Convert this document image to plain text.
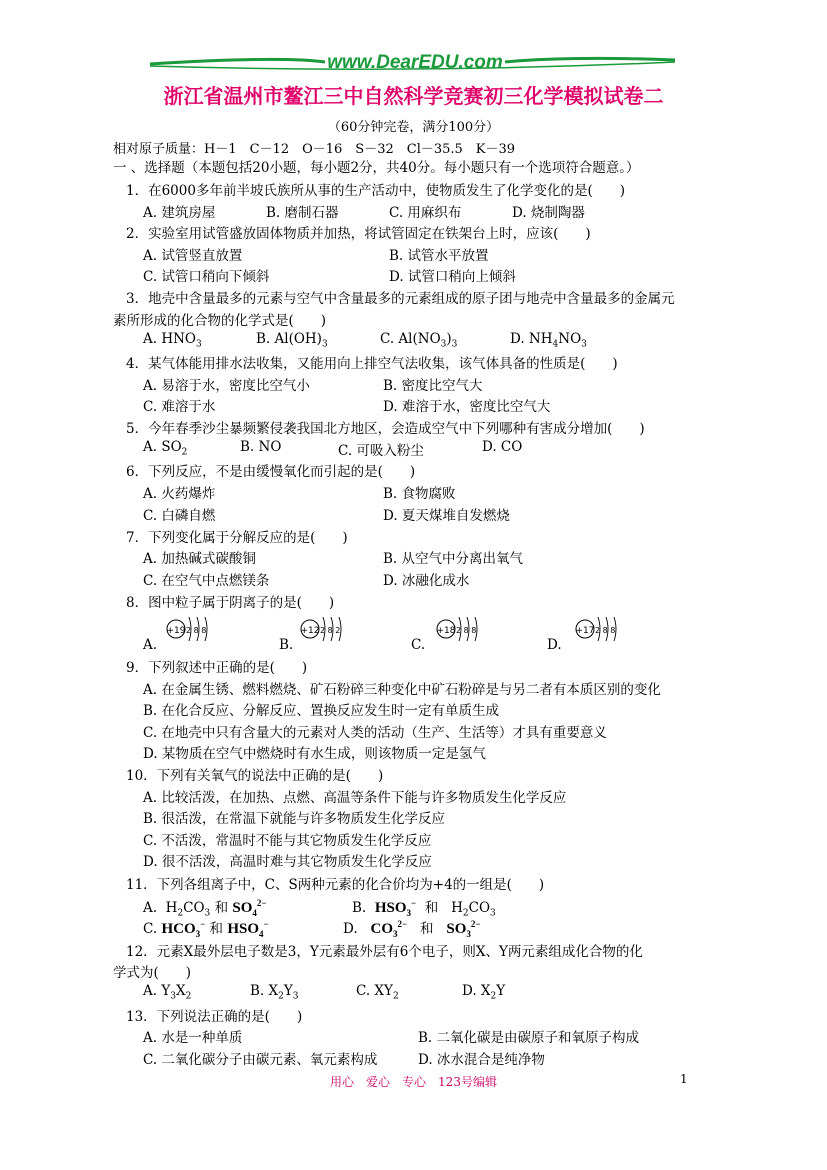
www.DearEDU.com
浙江省温州市鳌江三中自然科学竞赛初三化学模拟试卷二
（60分钟完卷，满分100分）
相对原子质量：H－1　C－12　O－16　S－32　Cl－35.5　K－39
一 、选择题（本题包括20小题，每小题2分，共40分。每小题只有一个选项符合题意。）
1．在6000多年前半坡氏族所从事的生产活动中，使物质发生了化学变化的是(　　)
A. 建筑房屋	B. 磨制石器	C. 用麻织布	D. 烧制陶器
2．实验室用试管盛放固体物质并加热，将试管固定在铁架台上时，应该(　　)
A. 试管竖直放置	B. 试管水平放置
C. 试管口稍向下倾斜	D. 试管口稍向上倾斜
3．地壳中含量最多的元素与空气中含量最多的元素组成的原子团与地壳中含量最多的金属元
素所形成的化合物的化学式是(　　)
A. $HNO_3$	B. $Al(OH)_3$	C. $Al(NO_3)_3$	D. $NH_4NO_3$
4．某气体能用排水法收集，又能用向上排空气法收集，该气体具备的性质是(　　)
A. 易溶于水，密度比空气小	B. 密度比空气大
C. 难溶于水	D. 难溶于水，密度比空气大
5．今年春季沙尘暴频繁侵袭我国北方地区，会造成空气中下列哪种有害成分增加(　　)
A. $SO_2$	B. NO	C. 可吸入粉尘	D. CO
6．下列反应，不是由缓慢氧化而引起的是(　　)
A. 火药爆炸	B. 食物腐败
C. 白磷自燃	D. 夏天煤堆自发燃烧
7．下列变化属于分解反应的是(　　)
A. 加热碱式碳酸铜	B. 从空气中分离出氧气
C. 在空气中点燃镁条	D. 冰融化成水
8．图中粒子属于阴离子的是(　　)
A.	B.	C.	D.
+19 2 8 8	+12 2 8 2	+18 2 8 8	+17 2 8 8
9．下列叙述中正确的是(　　)
A. 在金属生锈、燃料燃烧、矿石粉碎三种变化中矿石粉碎是与另二者有本质区别的变化
B. 在化合反应、分解反应、置换反应发生时一定有单质生成
C. 在地壳中只有含量大的元素对人类的活动（生产、生活等）才具有重要意义
D. 某物质在空气中燃烧时有水生成，则该物质一定是氢气
10．下列有关氧气的说法中正确的是(　　)
A. 比较活泼，在加热、点燃、高温等条件下能与许多物质发生化学反应
B. 很活泼，在常温下就能与许多物质发生化学反应
C. 不活泼，常温时不能与其它物质发生化学反应
D. 很不活泼，高温时难与其它物质发生化学反应
11．下列各组离子中，C、S两种元素的化合价均为+4的一组是(　　)
A.  $H_2CO_3$ 和 $SO_4^{2-}$	B. $HSO_3^-$ 和   $H_2CO_3$
C. $HCO_3^-$ 和 $HSO_4^-$	D. $CO_3^{2-}$ 和 $SO_3^{2-}$
12．元素X最外层电子数是3，Y元素最外层有6个电子，则X、Y两元素组成化合物的化
学式为(　　)
A. $Y_3X_2$	B. $X_2Y_3$	C. $XY_2$	D. $X_2Y$
13．下列说法正确的是(　　)
A. 水是一种单质	B. 二氧化碳是由碳原子和氧原子构成
C. 二氧化碳分子由碳元素、氧元素构成	D. 冰水混合是纯净物
用心　爱心　专心　123号编辑	1
